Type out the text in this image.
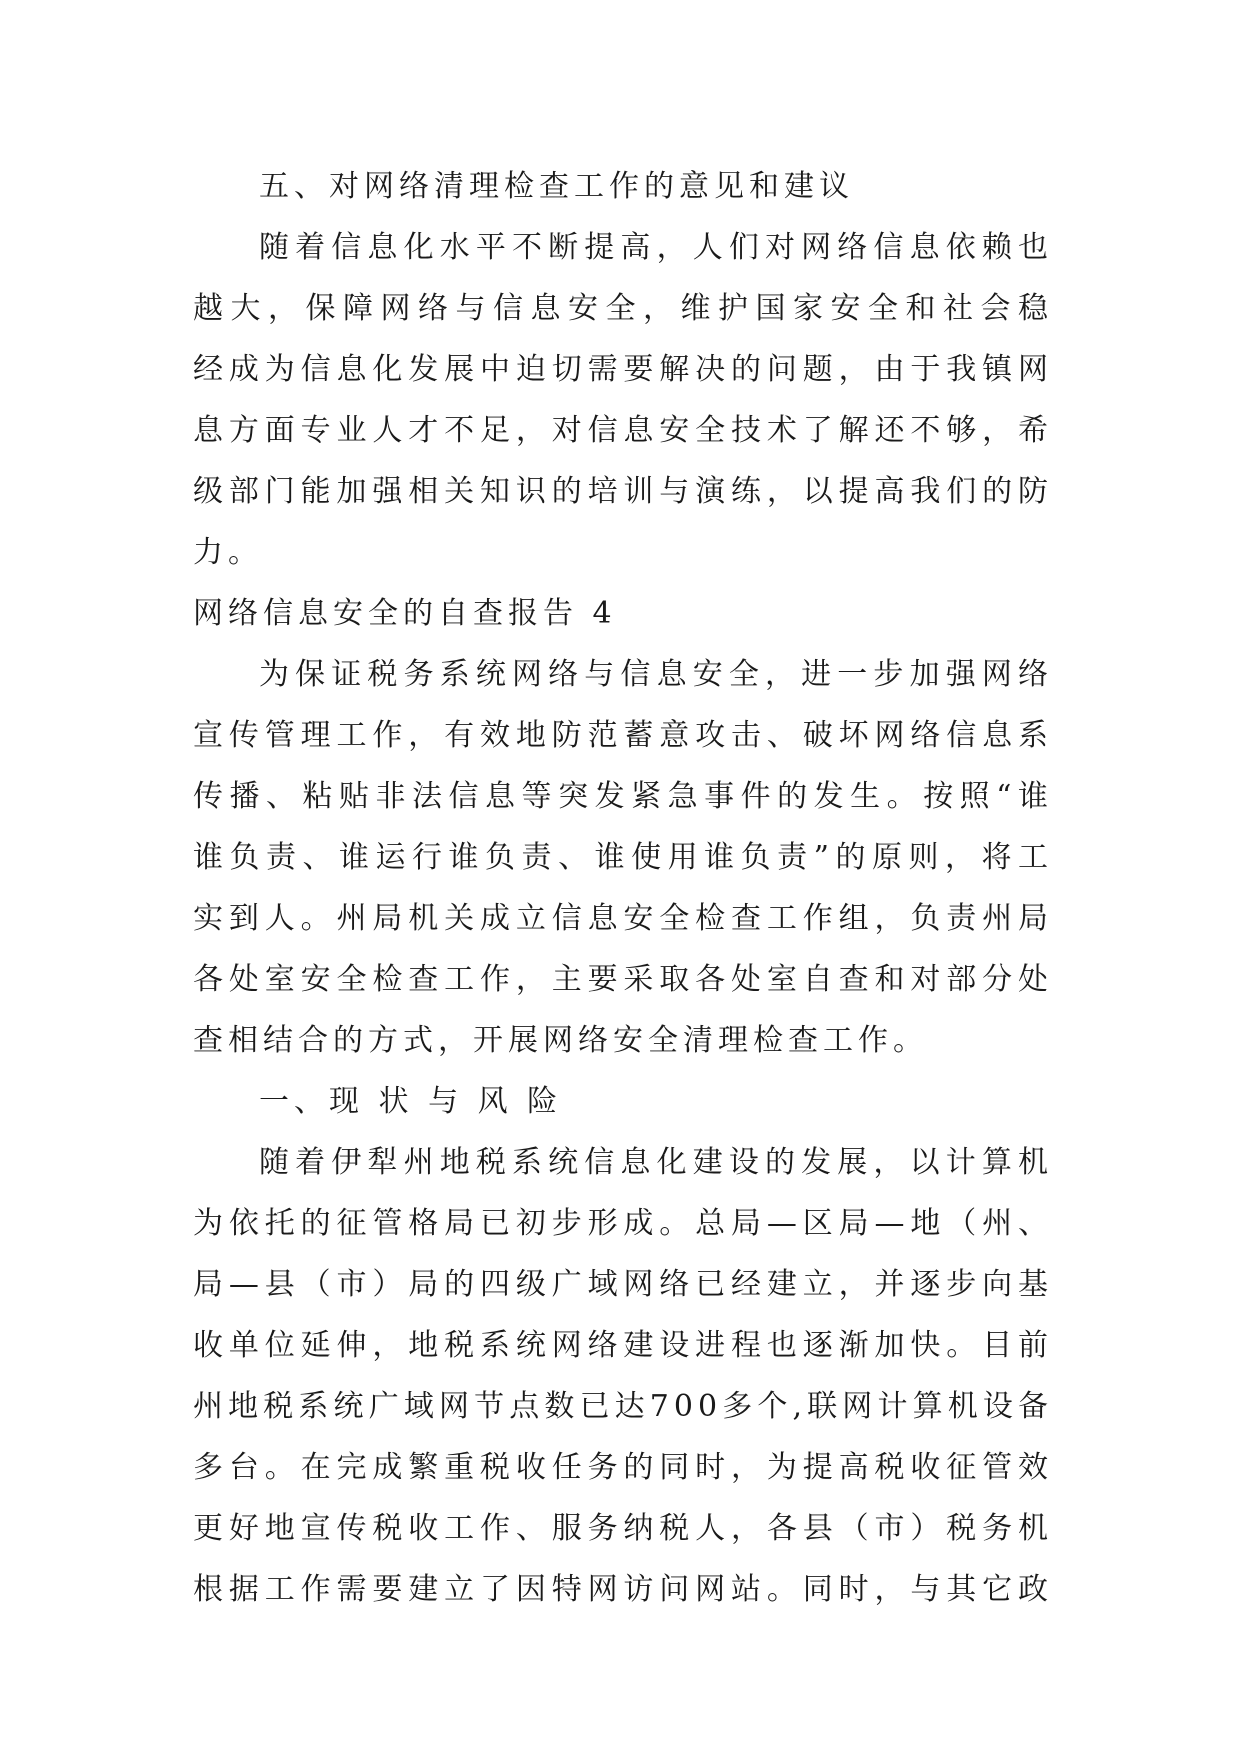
五、对网络清理检查工作的意见和建议

随着信息化水平不断提高，人们对网络信息依赖也

越大，保障网络与信息安全，维护国家安全和社会稳

经成为信息化发展中迫切需要解决的问题，由于我镇网

息方面专业人才不足，对信息安全技术了解还不够，希

级部门能加强相关知识的培训与演练，以提高我们的防

力。

网络信息安全的自查报告 4

为保证税务系统网络与信息安全，进一步加强网络

宣传管理工作，有效地防范蓄意攻击、破坏网络信息系

传播、粘贴非法信息等突发紧急事件的发生。按照“谁

谁负责、谁运行谁负责、谁使用谁负责”的原则，将工

实到人。州局机关成立信息安全检查工作组，负责州局

各处室安全检查工作，主要采取各处室自查和对部分处

查相结合的方式，开展网络安全清理检查工作。

一、现 状 与 风 险

随着伊犁州地税系统信息化建设的发展，以计算机

为依托的征管格局已初步形成。总局—区局—地（州、

局—县（市）局的四级广域网络已经建立，并逐步向基

收单位延伸，地税系统网络建设进程也逐渐加快。目前

州地税系统广域网节点数已达700多个,联网计算机设备

多台。在完成繁重税收任务的同时，为提高税收征管效

更好地宣传税收工作、服务纳税人，各县（市）税务机

根据工作需要建立了因特网访问网站。同时，与其它政
